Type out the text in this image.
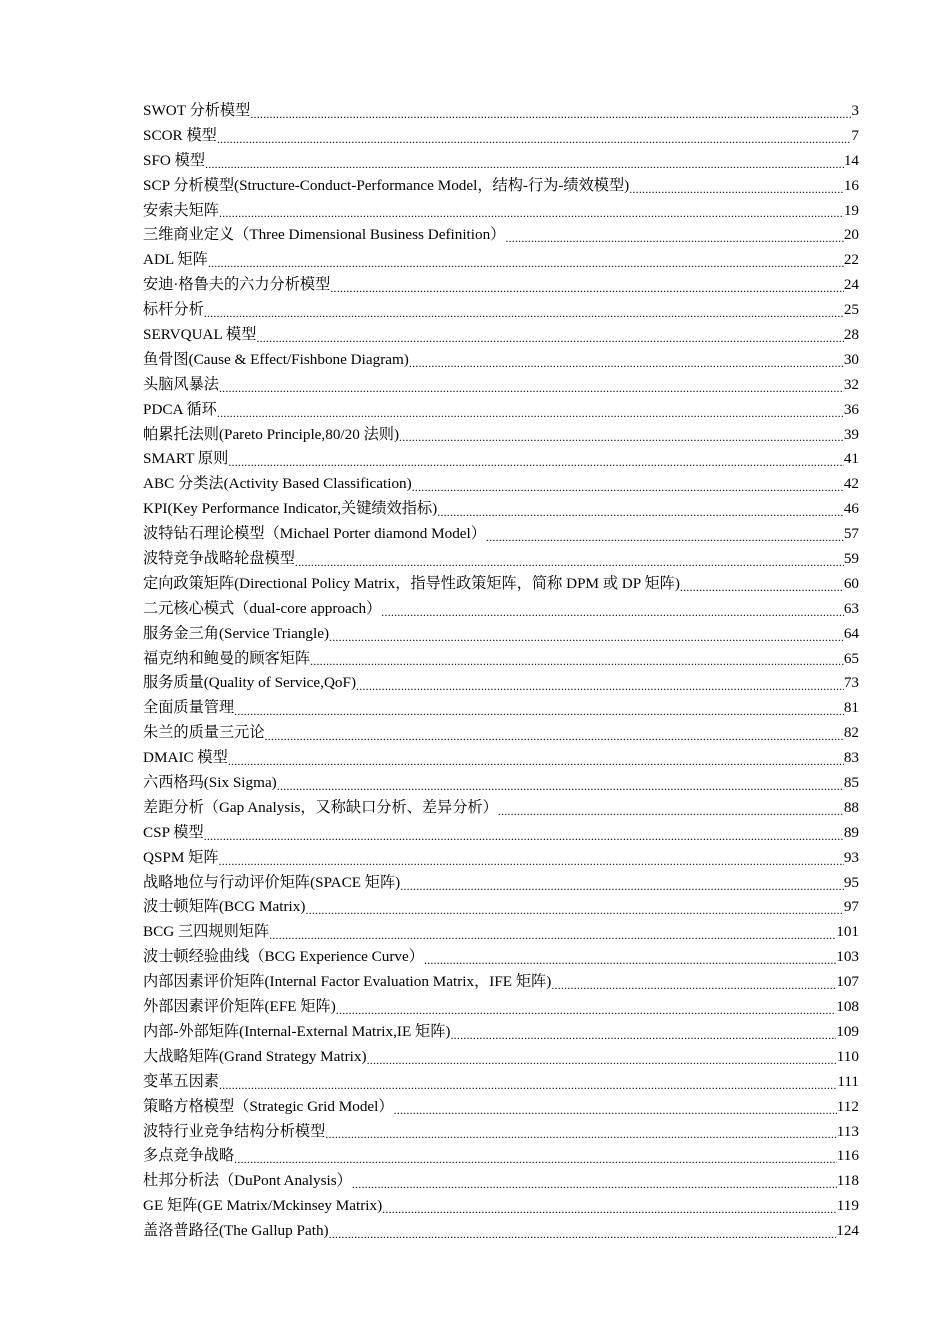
SWOT 分析模型 .....	3
SCOR 模型 .....	7
SFO 模型 .....	14
SCP 分析模型(Structure-Conduct-Performance Model，结构-行为-绩效模型) .....	16
安索夫矩阵 .....	19
三维商业定义（Three Dimensional Business Definition） .....	20
ADL 矩阵 .....	22
安迪·格鲁夫的六力分析模型 .....	24
标杆分析 .....	25
SERVQUAL 模型 .....	28
鱼骨图(Cause & Effect/Fishbone Diagram) .....	30
头脑风暴法 .....	32
PDCA 循环 .....	36
帕累托法则(Pareto Principle,80/20 法则) .....	39
SMART 原则 .....	41
ABC 分类法(Activity Based Classification) .....	42
KPI(Key Performance Indicator,关键绩效指标) .....	46
波特钻石理论模型（Michael Porter diamond Model） .....	57
波特竞争战略轮盘模型 .....	59
定向政策矩阵(Directional Policy Matrix，指导性政策矩阵，简称 DPM 或 DP 矩阵) .....	60
二元核心模式（dual-core approach） .....	63
服务金三角(Service Triangle) .....	64
福克纳和鲍曼的顾客矩阵 .....	65
服务质量(Quality of Service,QoF) .....	73
全面质量管理 .....	81
朱兰的质量三元论 .....	82
DMAIC 模型 .....	83
六西格玛(Six Sigma) .....	85
差距分析（Gap Analysis，又称缺口分析、差异分析） .....	88
CSP 模型 .....	89
QSPM 矩阵 .....	93
战略地位与行动评价矩阵(SPACE 矩阵) .....	95
波士顿矩阵(BCG Matrix) .....	97
BCG 三四规则矩阵 .....	101
波士顿经验曲线（BCG Experience Curve） .....	103
内部因素评价矩阵(Internal Factor Evaluation Matrix，IFE 矩阵) .....	107
外部因素评价矩阵(EFE 矩阵) .....	108
内部-外部矩阵(Internal-External Matrix,IE 矩阵) .....	109
大战略矩阵(Grand Strategy Matrix) .....	110
变革五因素 .....	111
策略方格模型（Strategic Grid Model） .....	112
波特行业竞争结构分析模型 .....	113
多点竞争战略 .....	116
杜邦分析法（DuPont Analysis） .....	118
GE 矩阵(GE Matrix/Mckinsey Matrix) .....	119
盖洛普路径(The Gallup Path) .....	124
